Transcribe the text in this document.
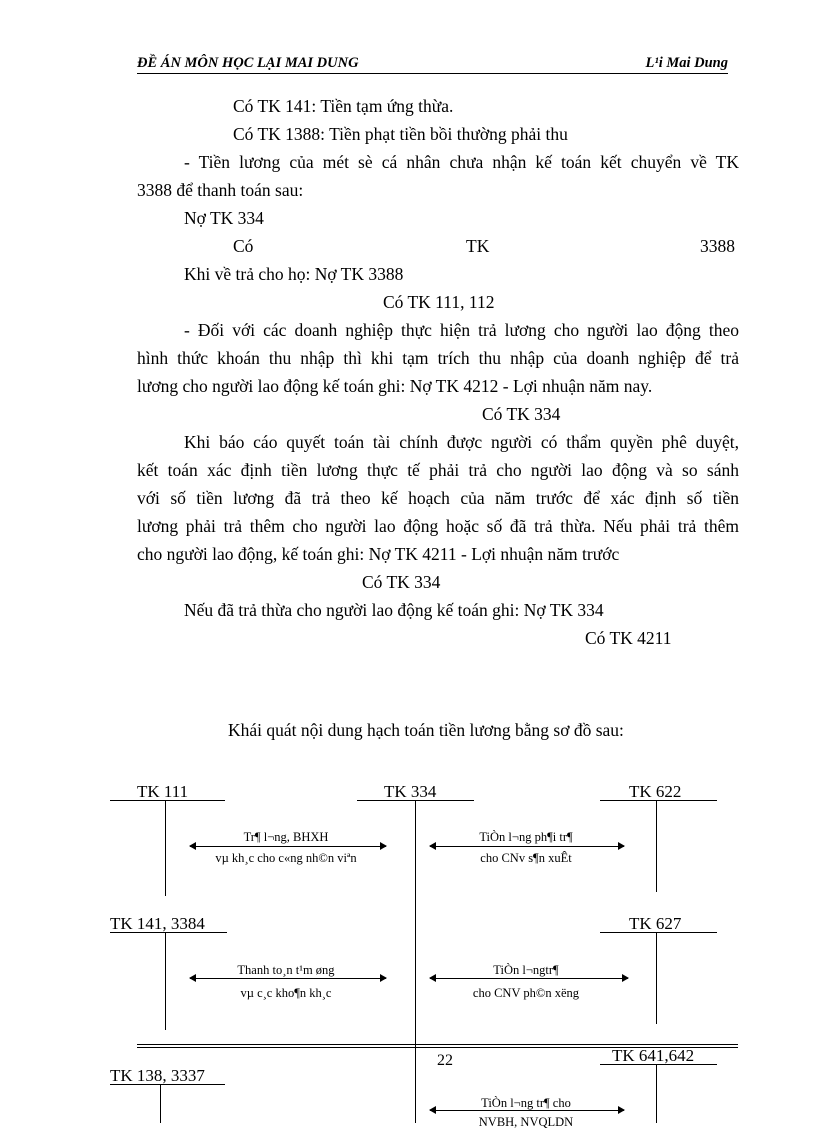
ĐỀ ÁN MÔN HỌC LẠI MAI DUNG	L¹i Mai Dung
Có TK 141: Tiền tạm ứng thừa.
Có TK 1388: Tiền phạt tiền bồi thường phải thu
- Tiền lương của mét sè cá nhân chưa nhận kế toán kết chuyển về TK
3388 để thanh toán sau:
Nợ TK 334
Có	TK	3388
Khi về trả cho họ: Nợ TK 3388
Có TK 111, 112
- Đối với các doanh nghiệp thực hiện trả lương cho người lao động theo
hình thức khoán thu nhập thì khi tạm trích thu nhập của doanh nghiệp để trả
lương cho người lao động kế toán ghi: Nợ TK 4212 - Lợi nhuận năm nay.
Có TK 334
Khi báo cáo quyết toán tài chính được người có thẩm quyền phê duyệt,
kết toán xác định tiền lương thực tế phải trả cho người lao động và so sánh
với số tiền lương đã trả theo kế hoạch của năm trước để xác định số tiền
lương phải trả thêm cho người lao động hoặc số đã trả thừa. Nếu phải trả thêm
cho người lao động, kế toán ghi: Nợ TK 4211 - Lợi nhuận năm trước
Có TK 334
Nếu đã trả thừa cho người lao động kế toán ghi: Nợ TK 334
Có TK 4211
Khái quát nội dung hạch toán tiền lương bằng sơ đồ sau:
TK 111	TK 334	TK 622
TK 141, 3384	TK 627
TK 138, 3337
TK 641,642
Tr¶ l¬ng, BHXH
vµ kh¸c cho c«ng nh©n viªn
TiÒn l¬ng ph¶i tr¶
cho CNv s¶n xuÊt
Thanh to¸n t¹m øng
vµ c¸c kho¶n kh¸c
TiÒn l¬ngtr¶
cho CNV ph©n xëng
TiÒn l¬ng tr¶ cho
NVBH, NVQLDN
22
